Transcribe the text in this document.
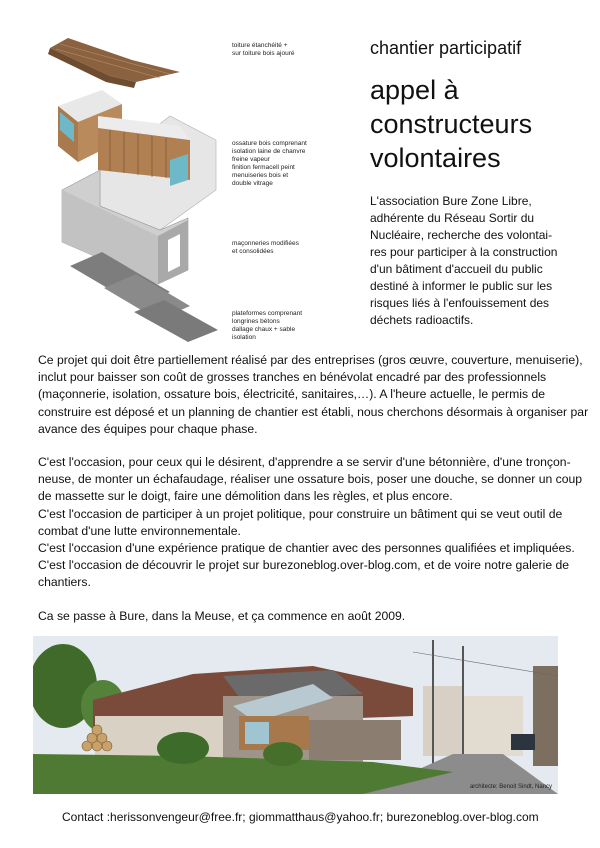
toiture étanchéité +
sur toiture bois ajouré
ossature bois comprenant
isolation laine de chanvre
freine vapeur
finition fermacell peint
menuiseries bois et
double vitrage
maçonneries modifiées
et consolidées
plateformes comprenant
longrines bétons
dallage chaux + sable
isolation
chantier participatif
appel à
constructeurs
volontaires
L'association Bure Zone Libre,
adhérente du Réseau Sortir du
Nucléaire, recherche des volontai-
res pour participer à la construction
d'un bâtiment d'accueil du public
destiné à informer le public sur les
risques liés à l'enfouissement des
déchets radioactifs.
Ce projet qui doit être partiellement réalisé par des entreprises (gros œuvre, couverture, menuiserie),
inclut pour baisser son coût de grosses tranches en bénévolat encadré par des professionnels
(maçonnerie, isolation, ossature bois, électricité, sanitaires,…). A l'heure actuelle, le permis de
construire est déposé et un planning de chantier est établi, nous cherchons désormais à organiser par
avance des équipes pour chaque phase.
C'est l'occasion, pour ceux qui le désirent, d'apprendre a se servir d'une bétonnière, d'une tronçon-
neuse, de monter un échafaudage, réaliser une ossature bois, poser une douche, se donner un coup
de massette sur le doigt, faire une démolition dans les règles, et plus encore.
C'est l'occasion de participer à un projet politique, pour construire un bâtiment qui se veut outil de
combat d'une lutte environnementale.
C'est l'occasion d'une expérience pratique de chantier avec des personnes qualifiées et impliquées.
C'est l'occasion de découvrir le projet sur burezoneblog.over-blog.com, et de voire notre galerie de
chantiers.
Ca se passe à Bure, dans la Meuse, et ça commence en août 2009.
architecte: Benoit Sindt, Nancy
Contact :herissonvengeur@free.fr; giommatthaus@yahoo.fr; burezoneblog.over-blog.com
